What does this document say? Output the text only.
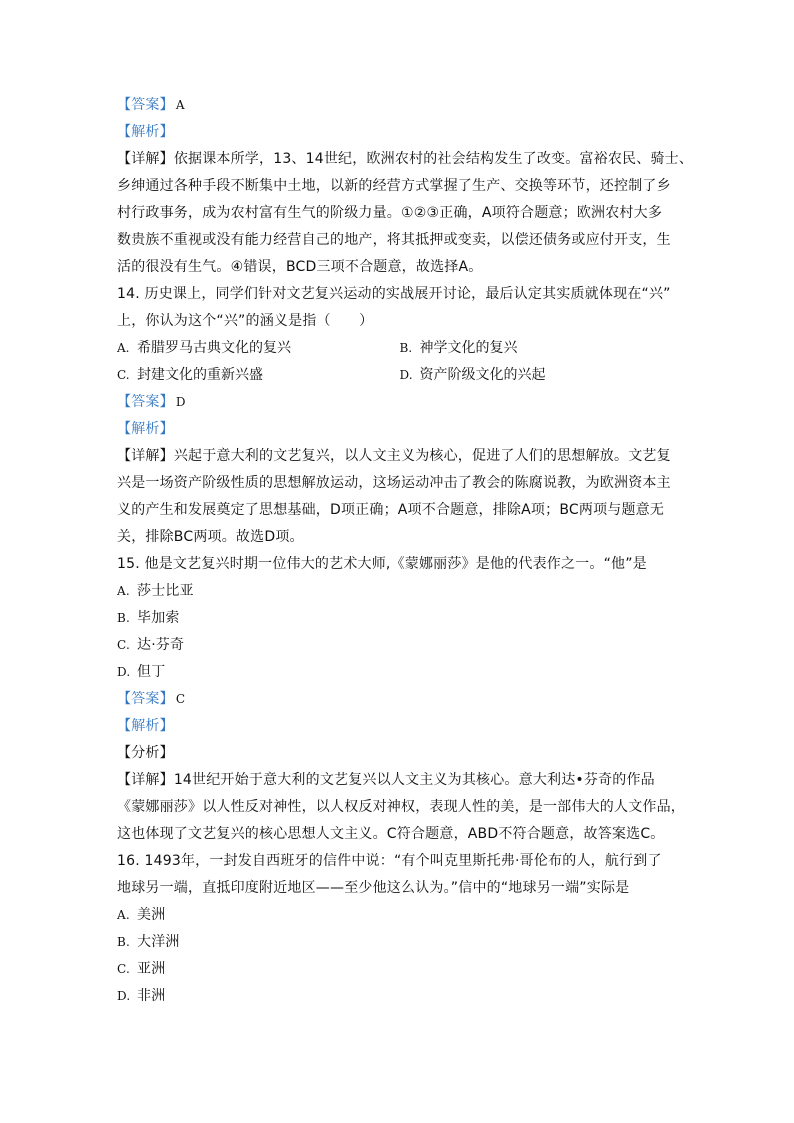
【答案】 A
【解析】
【详解】依据课本所学，13、14世纪，欧洲农村的社会结构发生了改变。富裕农民、骑士、
乡绅通过各种手段不断集中土地，以新的经营方式掌握了生产、交换等环节，还控制了乡
村行政事务，成为农村富有生气的阶级力量。①②③正确，A项符合题意；欧洲农村大多
数贵族不重视或没有能力经营自己的地产，将其抵押或变卖，以偿还债务或应付开支，生
活的很没有生气。④错误，BCD三项不合题意，故选择A。
14. 历史课上，同学们针对文艺复兴运动的实战展开讨论，最后认定其实质就体现在“兴”
上，你认为这个“兴”的涵义是指（　　）
A. 希腊罗马古典文化的复兴	B. 神学文化的复兴
C. 封建文化的重新兴盛	D. 资产阶级文化的兴起
【答案】 D
【解析】
【详解】兴起于意大利的文艺复兴，以人文主义为核心，促进了人们的思想解放。文艺复
兴是一场资产阶级性质的思想解放运动，这场运动冲击了教会的陈腐说教，为欧洲资本主
义的产生和发展奠定了思想基础，D项正确；A项不合题意，排除A项；BC两项与题意无
关，排除BC两项。故选D项。
15. 他是文艺复兴时期一位伟大的艺术大师,《蒙娜丽莎》是他的代表作之一。“他”是
A. 莎士比亚
B. 毕加索
C. 达·芬奇
D. 但丁
【答案】 C
【解析】
【分析】
【详解】14世纪开始于意大利的文艺复兴以人文主义为其核心。意大利达•芬奇的作品
《蒙娜丽莎》以人性反对神性，以人权反对神权，表现人性的美，是一部伟大的人文作品，
这也体现了文艺复兴的核心思想人文主义。C符合题意，ABD不符合题意，故答案选C。
16. 1493年，一封发自西班牙的信件中说：“有个叫克里斯托弗·哥伦布的人，航行到了
地球另一端，直抵印度附近地区——至少他这么认为。”信中的“地球另一端”实际是
A. 美洲
B. 大洋洲
C. 亚洲
D. 非洲
